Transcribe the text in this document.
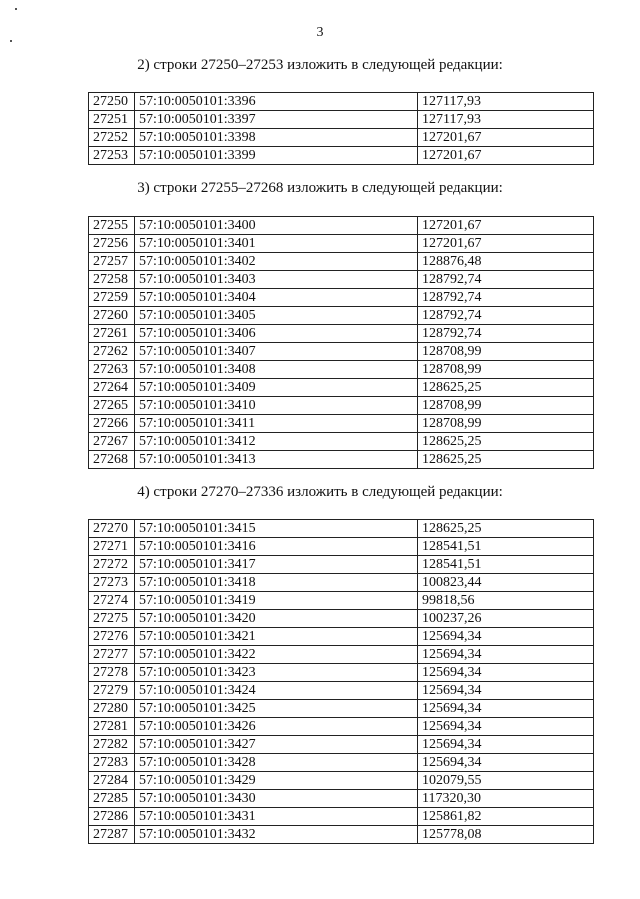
3
2) строки 27250–27253 изложить в следующей редакции:
27250	57:10:0050101:3396	127117,93
27251	57:10:0050101:3397	127117,93
27252	57:10:0050101:3398	127201,67
27253	57:10:0050101:3399	127201,67
3) строки 27255–27268 изложить в следующей редакции:
27255	57:10:0050101:3400	127201,67
27256	57:10:0050101:3401	127201,67
27257	57:10:0050101:3402	128876,48
27258	57:10:0050101:3403	128792,74
27259	57:10:0050101:3404	128792,74
27260	57:10:0050101:3405	128792,74
27261	57:10:0050101:3406	128792,74
27262	57:10:0050101:3407	128708,99
27263	57:10:0050101:3408	128708,99
27264	57:10:0050101:3409	128625,25
27265	57:10:0050101:3410	128708,99
27266	57:10:0050101:3411	128708,99
27267	57:10:0050101:3412	128625,25
27268	57:10:0050101:3413	128625,25
4) строки 27270–27336 изложить в следующей редакции:
27270	57:10:0050101:3415	128625,25
27271	57:10:0050101:3416	128541,51
27272	57:10:0050101:3417	128541,51
27273	57:10:0050101:3418	100823,44
27274	57:10:0050101:3419	99818,56
27275	57:10:0050101:3420	100237,26
27276	57:10:0050101:3421	125694,34
27277	57:10:0050101:3422	125694,34
27278	57:10:0050101:3423	125694,34
27279	57:10:0050101:3424	125694,34
27280	57:10:0050101:3425	125694,34
27281	57:10:0050101:3426	125694,34
27282	57:10:0050101:3427	125694,34
27283	57:10:0050101:3428	125694,34
27284	57:10:0050101:3429	102079,55
27285	57:10:0050101:3430	117320,30
27286	57:10:0050101:3431	125861,82
27287	57:10:0050101:3432	125778,08
